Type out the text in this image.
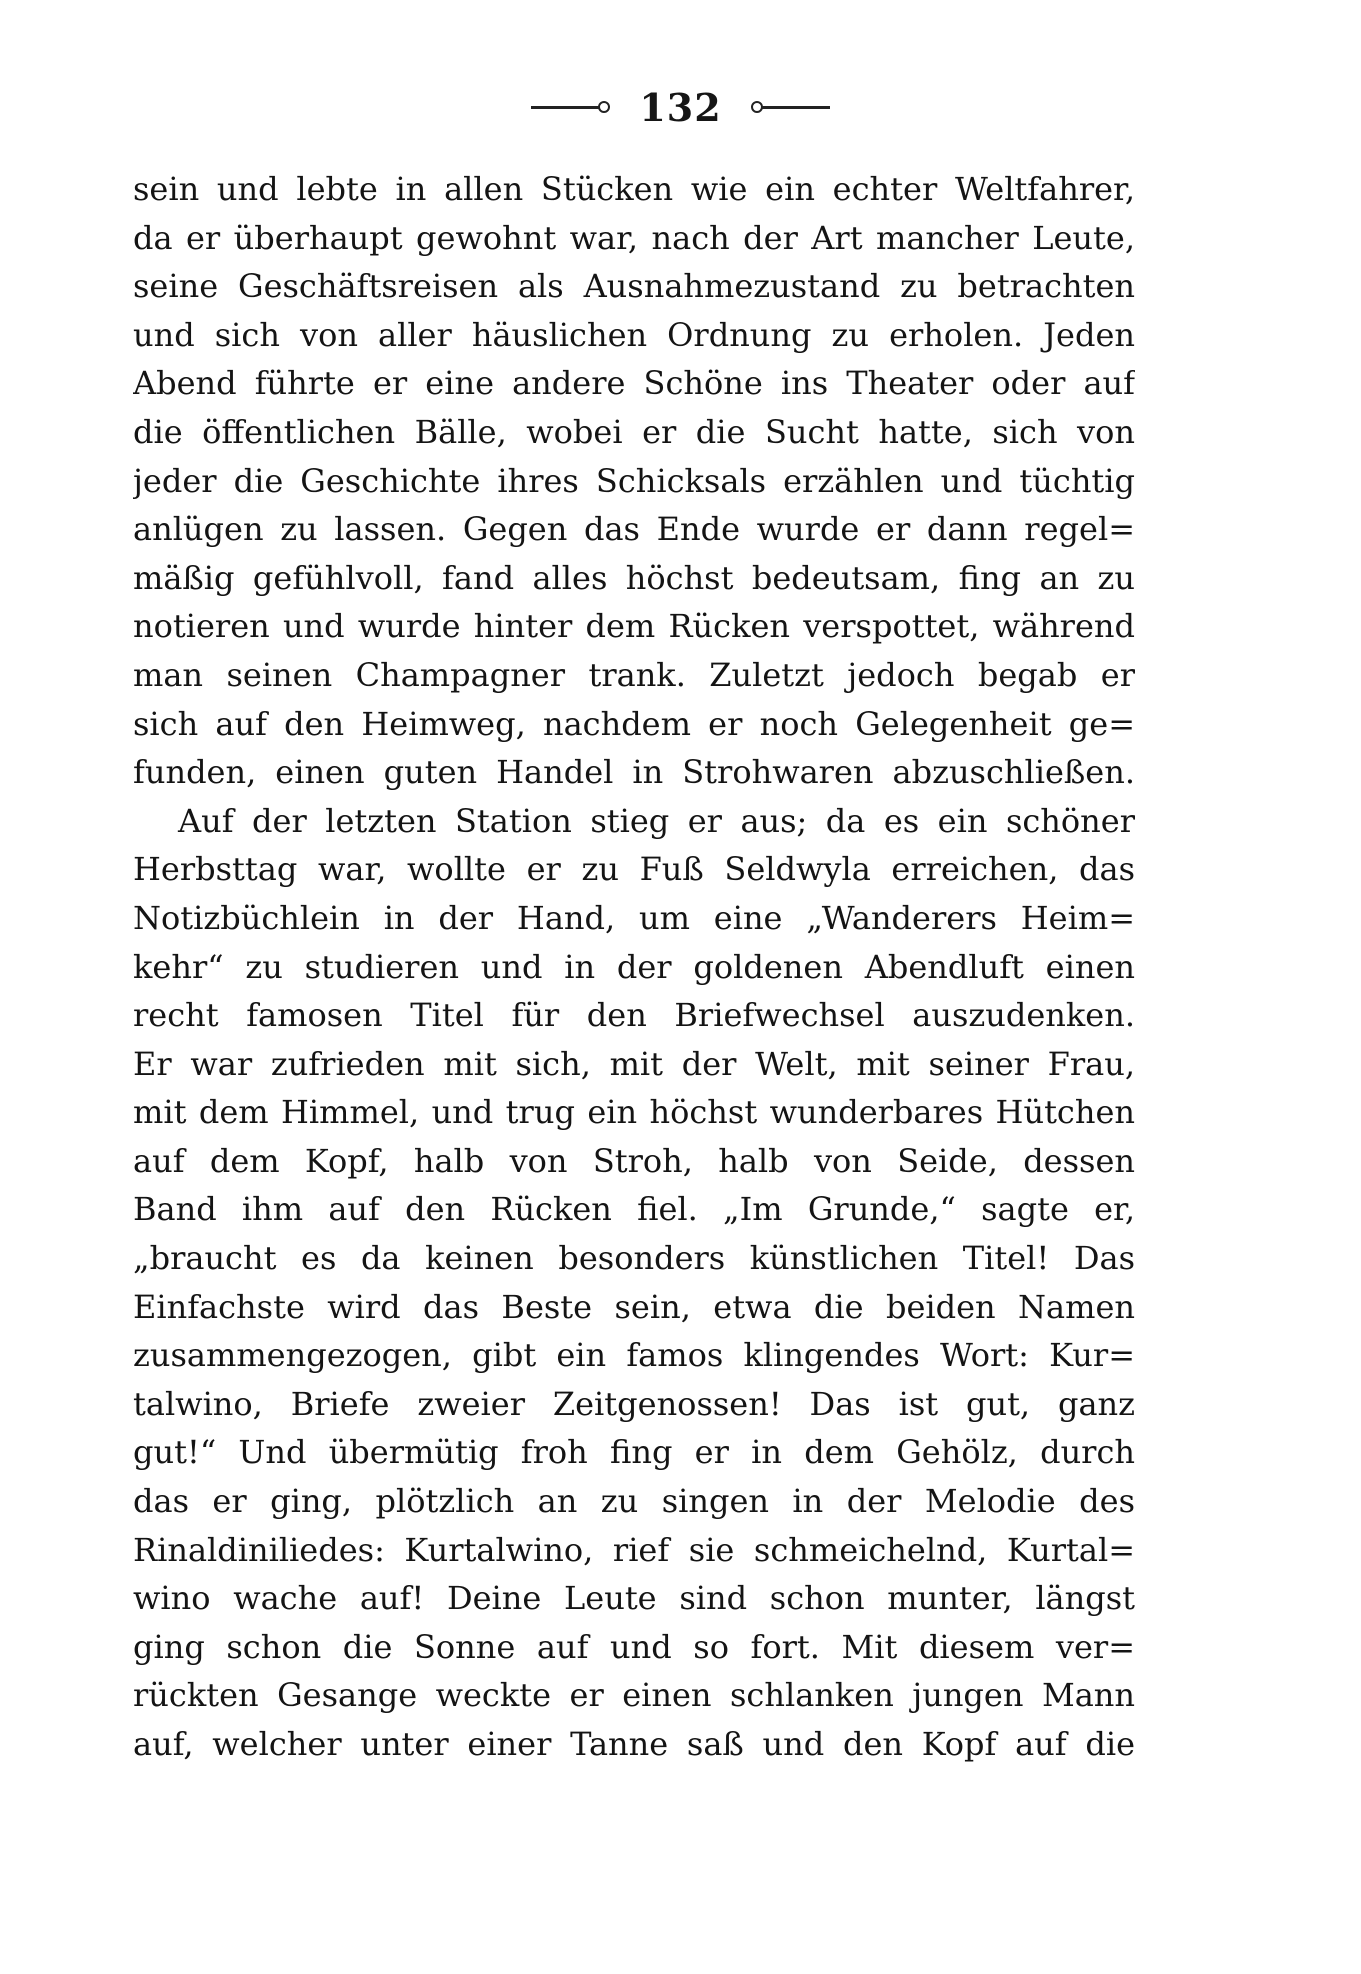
132
sein und lebte in allen Stücken wie ein echter Weltfahrer,
da er überhaupt gewohnt war, nach der Art mancher Leute,
seine Geschäftsreisen als Ausnahmezustand zu betrachten
und sich von aller häuslichen Ordnung zu erholen. Jeden
Abend führte er eine andere Schöne ins Theater oder auf
die öffentlichen Bälle, wobei er die Sucht hatte, sich von
jeder die Geschichte ihres Schicksals erzählen und tüchtig
anlügen zu lassen. Gegen das Ende wurde er dann regel=
mäßig gefühlvoll, fand alles höchst bedeutsam, fing an zu
notieren und wurde hinter dem Rücken verspottet, während
man seinen Champagner trank. Zuletzt jedoch begab er
sich auf den Heimweg, nachdem er noch Gelegenheit ge=
funden, einen guten Handel in Strohwaren abzuschließen.
Auf der letzten Station stieg er aus; da es ein schöner
Herbsttag war, wollte er zu Fuß Seldwyla erreichen, das
Notizbüchlein in der Hand, um eine „Wanderers Heim=
kehr“ zu studieren und in der goldenen Abendluft einen
recht famosen Titel für den Briefwechsel auszudenken.
Er war zufrieden mit sich, mit der Welt, mit seiner Frau,
mit dem Himmel, und trug ein höchst wunderbares Hütchen
auf dem Kopf, halb von Stroh, halb von Seide, dessen
Band ihm auf den Rücken fiel. „Im Grunde,“ sagte er,
„braucht es da keinen besonders künstlichen Titel! Das
Einfachste wird das Beste sein, etwa die beiden Namen
zusammengezogen, gibt ein famos klingendes Wort: Kur=
talwino, Briefe zweier Zeitgenossen! Das ist gut, ganz
gut!“ Und übermütig froh fing er in dem Gehölz, durch
das er ging, plötzlich an zu singen in der Melodie des
Rinaldiniliedes: Kurtalwino, rief sie schmeichelnd, Kurtal=
wino wache auf! Deine Leute sind schon munter, längst
ging schon die Sonne auf und so fort. Mit diesem ver=
rückten Gesange weckte er einen schlanken jungen Mann
auf, welcher unter einer Tanne saß und den Kopf auf die
